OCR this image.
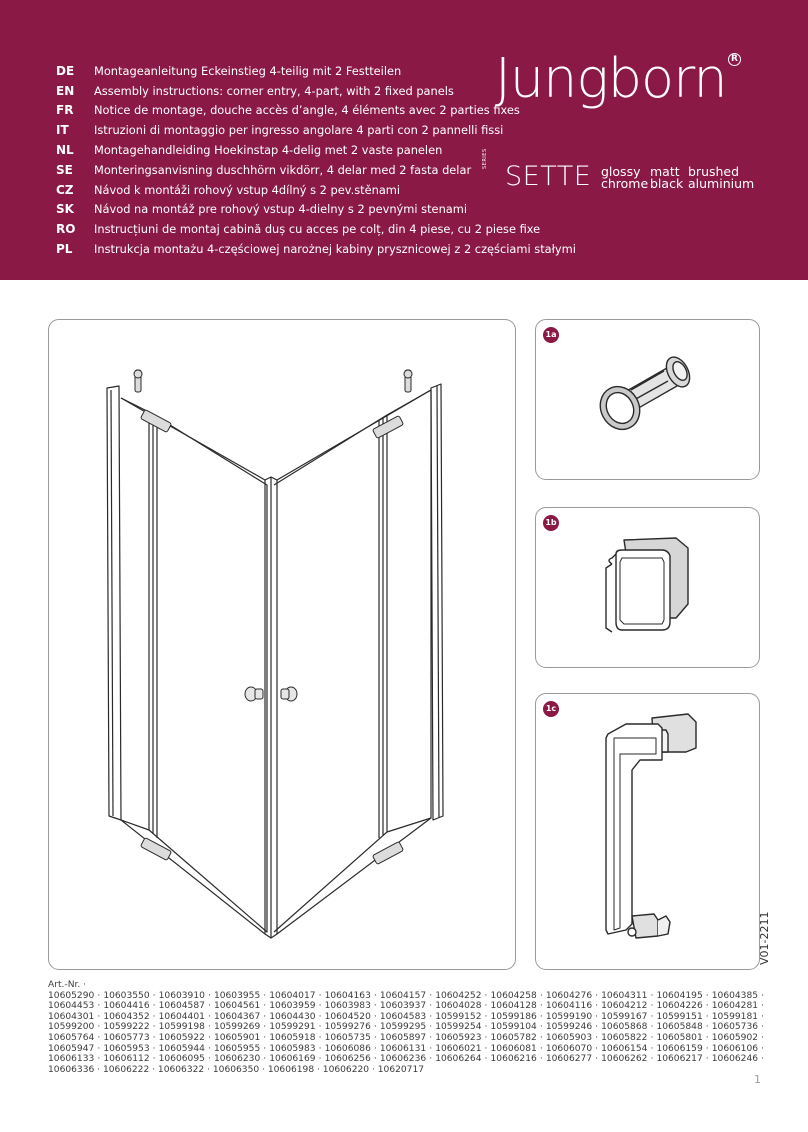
DE	Montageanleitung Eckeinstieg 4-teilig mit 2 Festteilen
EN	Assembly instructions: corner entry, 4-part, with 2 fixed panels
FR	Notice de montage, douche accès d’angle, 4 éléments avec 2 parties fixes
IT	Istruzioni di montaggio per ingresso angolare 4 parti con 2 pannelli fissi
NL	Montagehandleiding Hoekinstap 4-delig met 2 vaste panelen
SE	Monteringsanvisning duschhörn vikdörr, 4 delar med 2 fasta delar
CZ	Návod k montáži rohový vstup 4dílný s 2 pev.stěnami
SK	Návod na montáž pre rohový vstup 4-dielny s 2 pevnými stenami
RO	Instrucțiuni de montaj cabină duș cu acces pe colț, din 4 piese, cu 2 piese fixe
PL	Instrukcja montażu 4-częściowej narożnej kabiny prysznicowej z 2 częściami stałymi
Jungborn R
SERIES
SETTE glossy
chrome
matt
black
brushed
aluminium
1a
1b
1c
V01-2211
Art.-Nr. ·
10605290 · 10603550 · 10603910 · 10603955 · 10604017 · 10604163 · 10604157 · 10604252 · 10604258 · 10604276 · 10604311 · 10604195 · 10604385 · 10604453 · 10604416 · 10604587 · 10604561 · 10603959 · 10603983 · 10603937 · 10604028 · 10604128 · 10604116 · 10604212 · 10604226 · 10604281 · 10604301 · 10604352 · 10604401 · 10604367 · 10604430 · 10604520 · 10604583 · 10599152 · 10599186 · 10599190 · 10599167 · 10599151 · 10599181 · 10599200 · 10599222 · 10599198 · 10599269 · 10599291 · 10599276 · 10599295 · 10599254 · 10599104 · 10599246 · 10605868 · 10605848 · 10605736 · 10605764 · 10605773 · 10605922 · 10605901 · 10605918 · 10605735 · 10605897 · 10605923 · 10605782 · 10605903 · 10605822 · 10605801 · 10605902 · 10605947 · 10605953 · 10605944 · 10605955 · 10605983 · 10606086 · 10606131 · 10606021 · 10606081 · 10606070 · 10606154 · 10606159 · 10606106 · 10606133 · 10606112 · 10606095 · 10606230 · 10606169 · 10606256 · 10606236 · 10606264 · 10606216 · 10606277 · 10606262 · 10606217 · 10606246 · 10606336 · 10606222 · 10606322 · 10606350 · 10606198 · 10606220 · 10620717
1
